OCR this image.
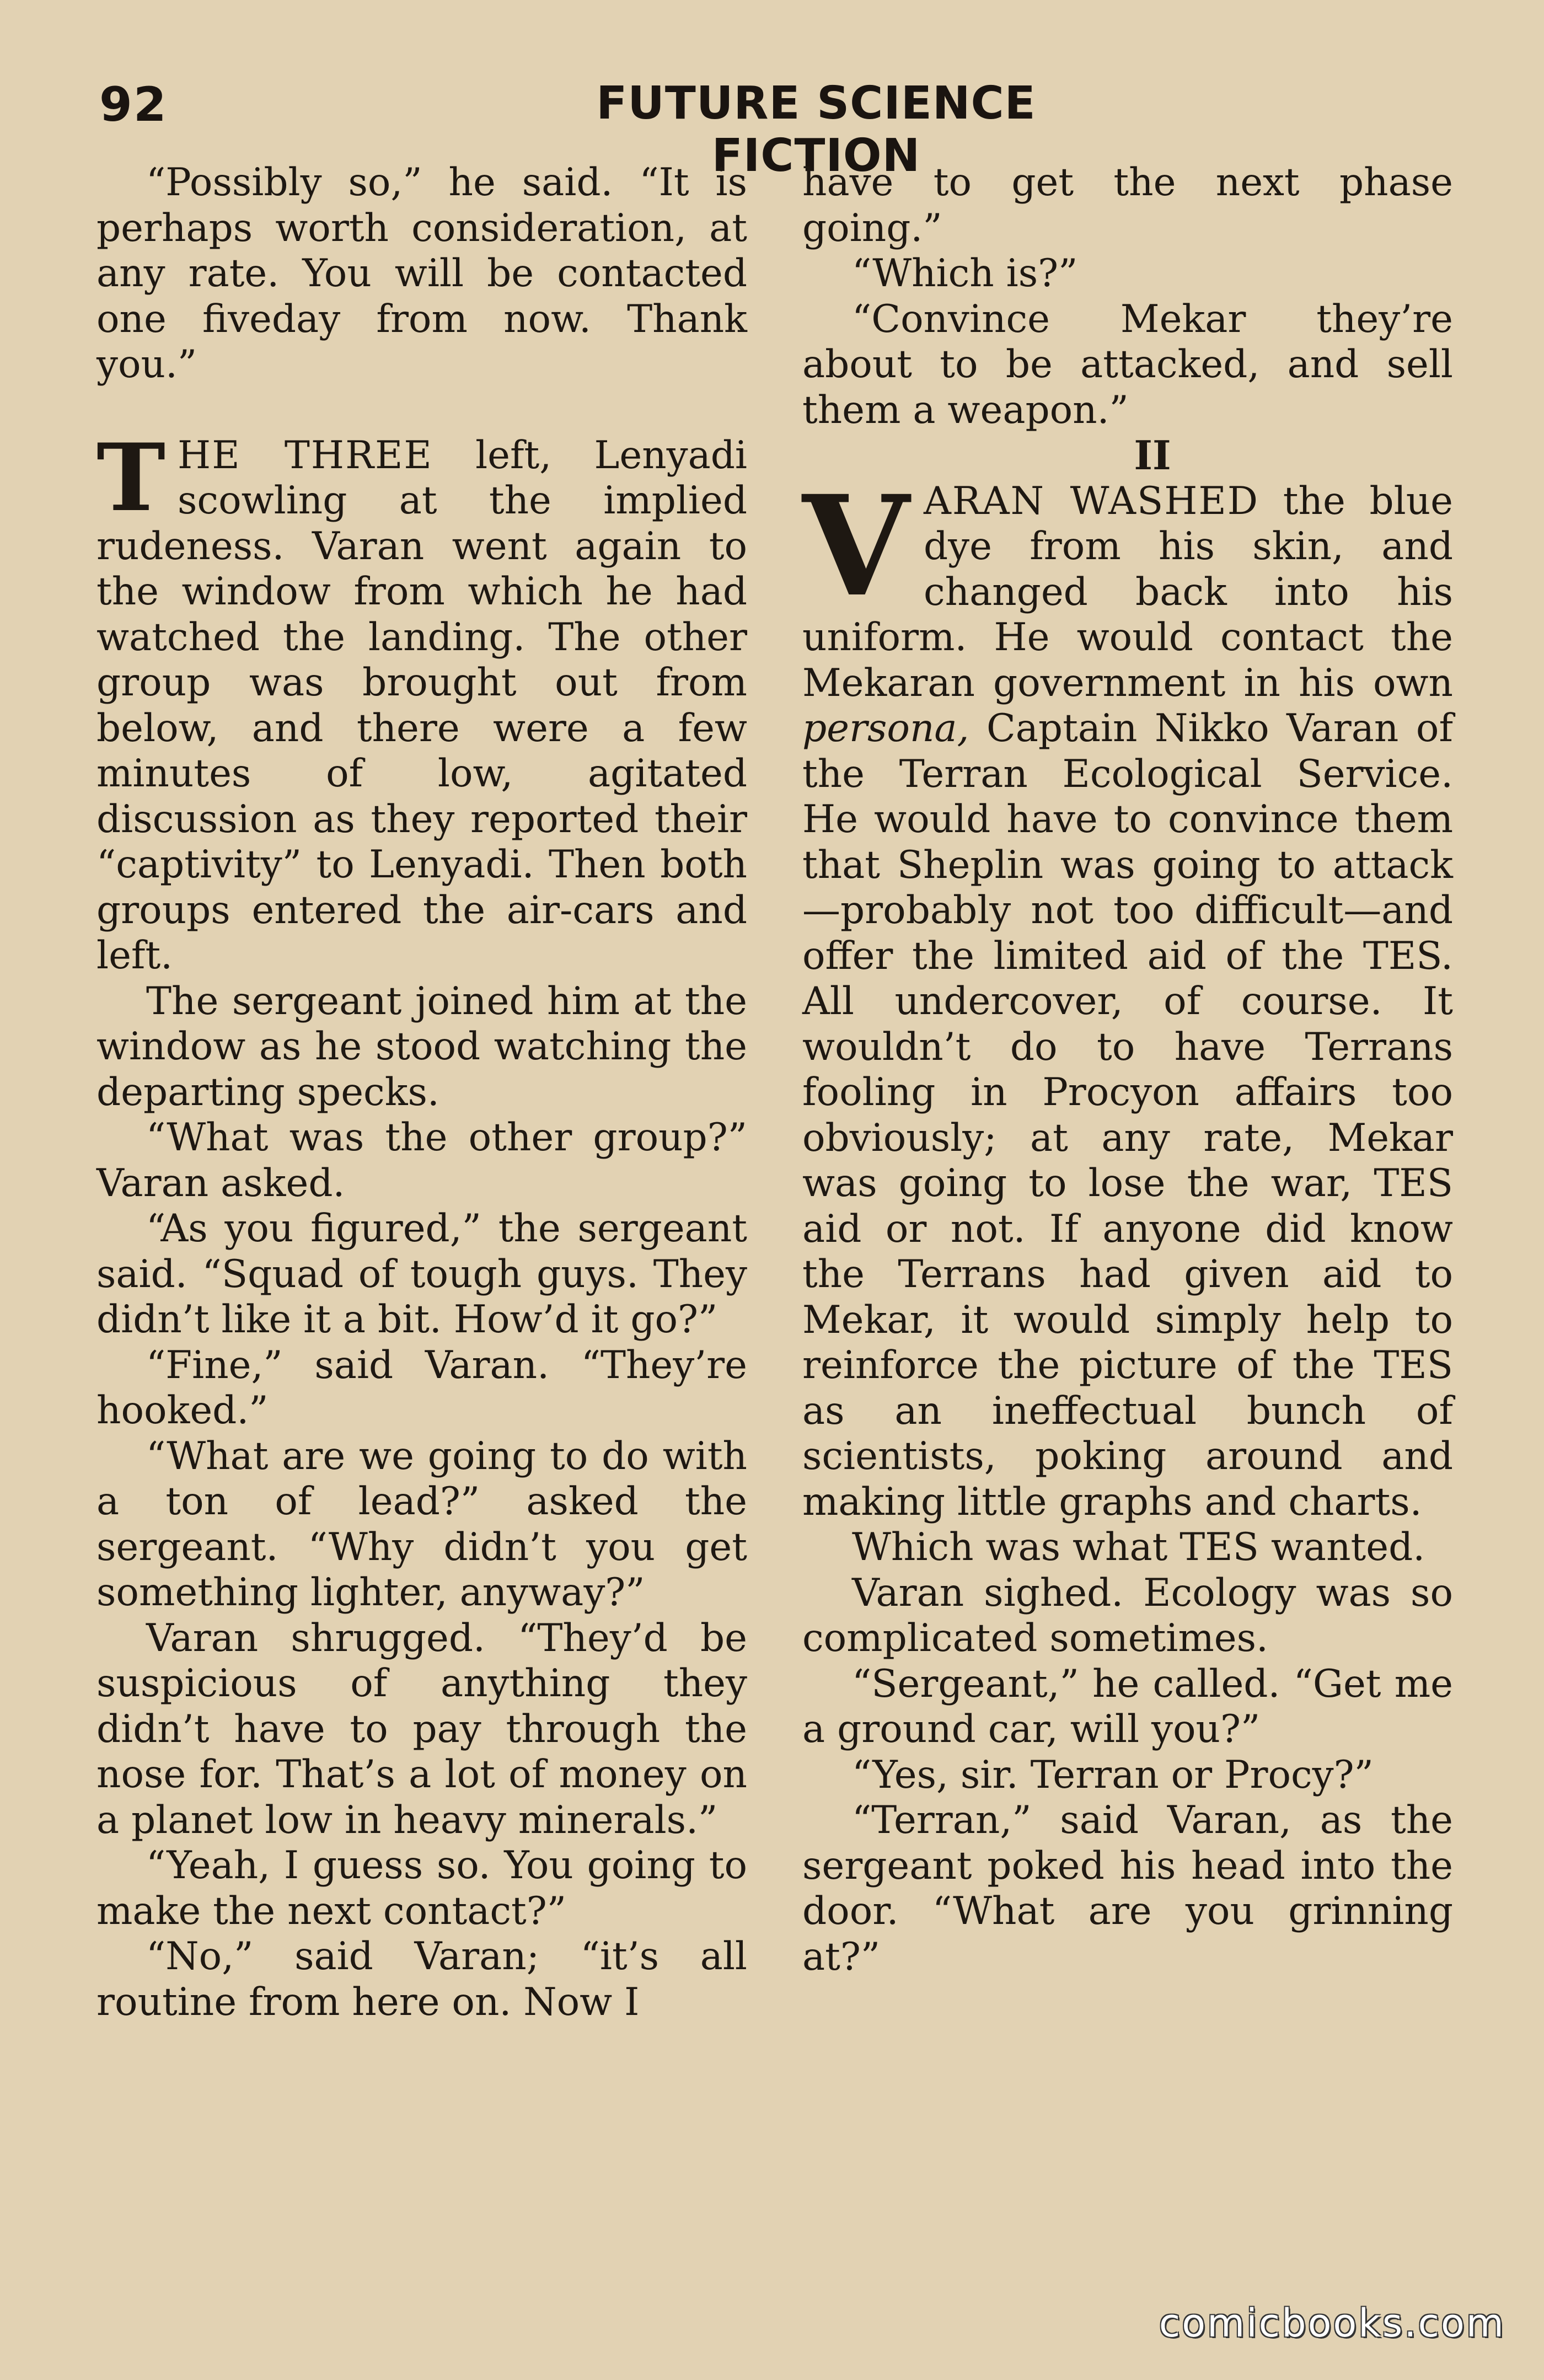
92	FUTURE SCIENCE FICTION

“Possibly so,” he said. “It is perhaps worth consideration, at any rate. You will be contacted one fiveday from now. Thank you.”

THE THREE left, Lenyadi scowling at the implied rudeness. Varan went again to the window from which he had watched the landing. The other group was brought out from below, and there were a few minutes of low, agitated discussion as they reported their “captivity” to Lenyadi. Then both groups entered the air-cars and left.

The sergeant joined him at the window as he stood watching the departing specks.

“What was the other group?” Varan asked.

“As you figured,” the sergeant said. “Squad of tough guys. They didn’t like it a bit. How’d it go?”

“Fine,” said Varan. “They’re hooked.”

“What are we going to do with a ton of lead?” asked the sergeant. “Why didn’t you get something lighter, anyway?”

Varan shrugged. “They’d be suspicious of anything they didn’t have to pay through the nose for. That’s a lot of money on a planet low in heavy minerals.”

“Yeah, I guess so. You going to make the next contact?”

“No,” said Varan; “it’s all routine from here on. Now I

have to get the next phase going.”

“Which is?”

“Convince Mekar they’re about to be attacked, and sell them a weapon.”

II

VARAN WASHED the blue dye from his skin, and changed back into his uniform. He would contact the Mekaran government in his own persona, Captain Nikko Varan of the Terran Ecological Service. He would have to convince them that Sheplin was going to attack—probably not too difficult—and offer the limited aid of the TES. All undercover, of course. It wouldn’t do to have Terrans fooling in Procyon affairs too obviously; at any rate, Mekar was going to lose the war, TES aid or not. If anyone did know the Terrans had given aid to Mekar, it would simply help to reinforce the picture of the TES as an ineffectual bunch of scientists, poking around and making little graphs and charts.

Which was what TES wanted.

Varan sighed. Ecology was so complicated sometimes.

“Sergeant,” he called. “Get me a ground car, will you?”

“Yes, sir. Terran or Procy?”

“Terran,” said Varan, as the sergeant poked his head into the door. “What are you grinning at?”

comicbooks.com
